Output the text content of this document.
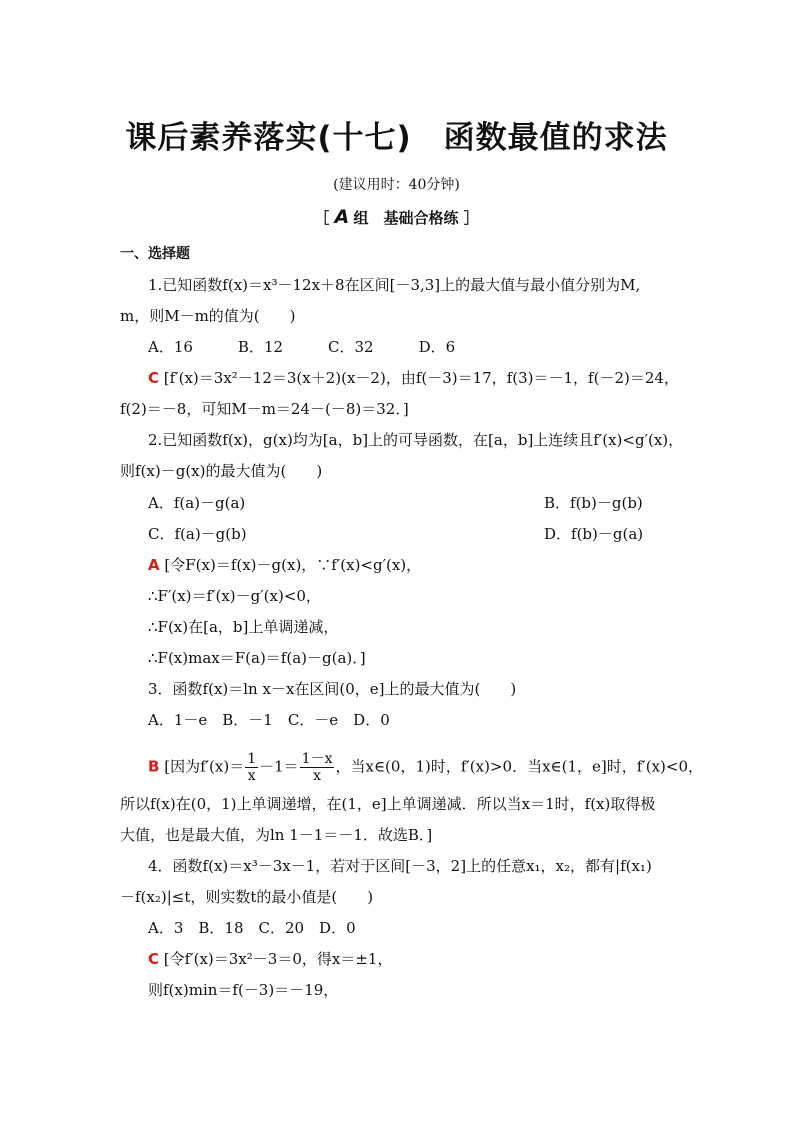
课后素养落实(十七)　函数最值的求法
(建议用时：40分钟)
［ A 组　基础合格练 ］
一、选择题
1.已知函数f(x)＝x³－12x＋8在区间[－3,3]上的最大值与最小值分别为M,
m，则M－m的值为(　　)
A．16　　　B．12　　　C．32　　　D．6
C [f′(x)＝3x²－12＝3(x＋2)(x－2)，由f(－3)＝17，f(3)＝－1，f(－2)＝24，
f(2)＝－8，可知M－m＝24－(－8)＝32．]
2.已知函数f(x)，g(x)均为[a，b]上的可导函数，在[a，b]上连续且f′(x)<g′(x)，
则f(x)－g(x)的最大值为(　　)
A．f(a)－g(a)	B．f(b)－g(b)
C．f(a)－g(b)	D．f(b)－g(a)
A [令F(x)＝f(x)－g(x)，∵f′(x)<g′(x)，
∴F′(x)＝f′(x)－g′(x)<0，
∴F(x)在[a，b]上单调递减，
∴F(x)max＝F(a)＝f(a)－g(a)．]
3．函数f(x)＝ln x－x在区间(0，e]上的最大值为(　　)
A．1－e　B．－1　C．－e　D．0
B [因为$f'(x)= \frac{1}{x} -1= \frac{1-x}{x}$ ，当x∈(0，1)时，f′(x)>0．当x∈(1，e]时，f′(x)<0，
所以f(x)在(0，1)上单调递增，在(1，e]上单调递减．所以当x＝1时，f(x)取得极
大值，也是最大值，为ln 1－1＝－1．故选B．]
4．函数f(x)＝x³－3x－1，若对于区间[－3，2]上的任意x₁，x₂，都有|f(x₁)
－f(x₂)|≤t，则实数t的最小值是(　　)
A．3　B．18　C．20　D．0
C [令f′(x)＝3x²－3＝0，得x＝±1，
则f(x)min＝f(－3)＝－19，
